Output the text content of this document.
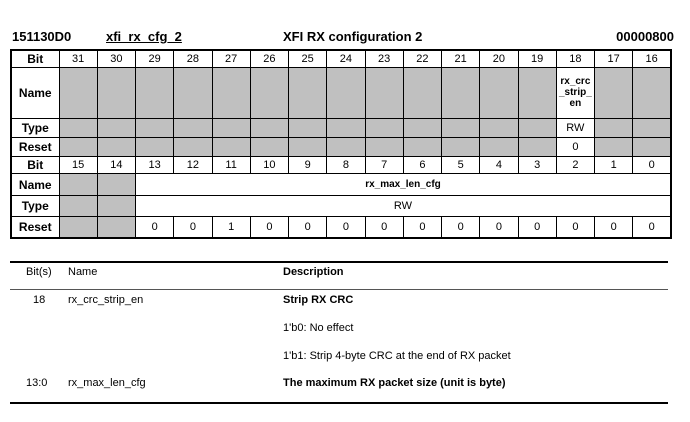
151130D0	xfi_rx_cfg_2	XFI RX configuration 2	00000800
Bit	31	30	29	28	27	26	25	24	23	22	21	20	19	18	17	16
Name														rx_crc_strip_en		
Type														RW		
Reset														0		
Bit	15	14	13	12	11	10	9	8	7	6	5	4	3	2	1	0
Name			rx_max_len_cfg													
Type			RW													
Reset			0	0	1	0	0	0	0	0	0	0	0	0	0	0
Bit(s) Name	Description
18 rx_crc_strip_en	Strip RX CRC
1'b0: No effect
1'b1: Strip 4-byte CRC at the end of RX packet
13:0 rx_max_len_cfg	The maximum RX packet size (unit is byte)
